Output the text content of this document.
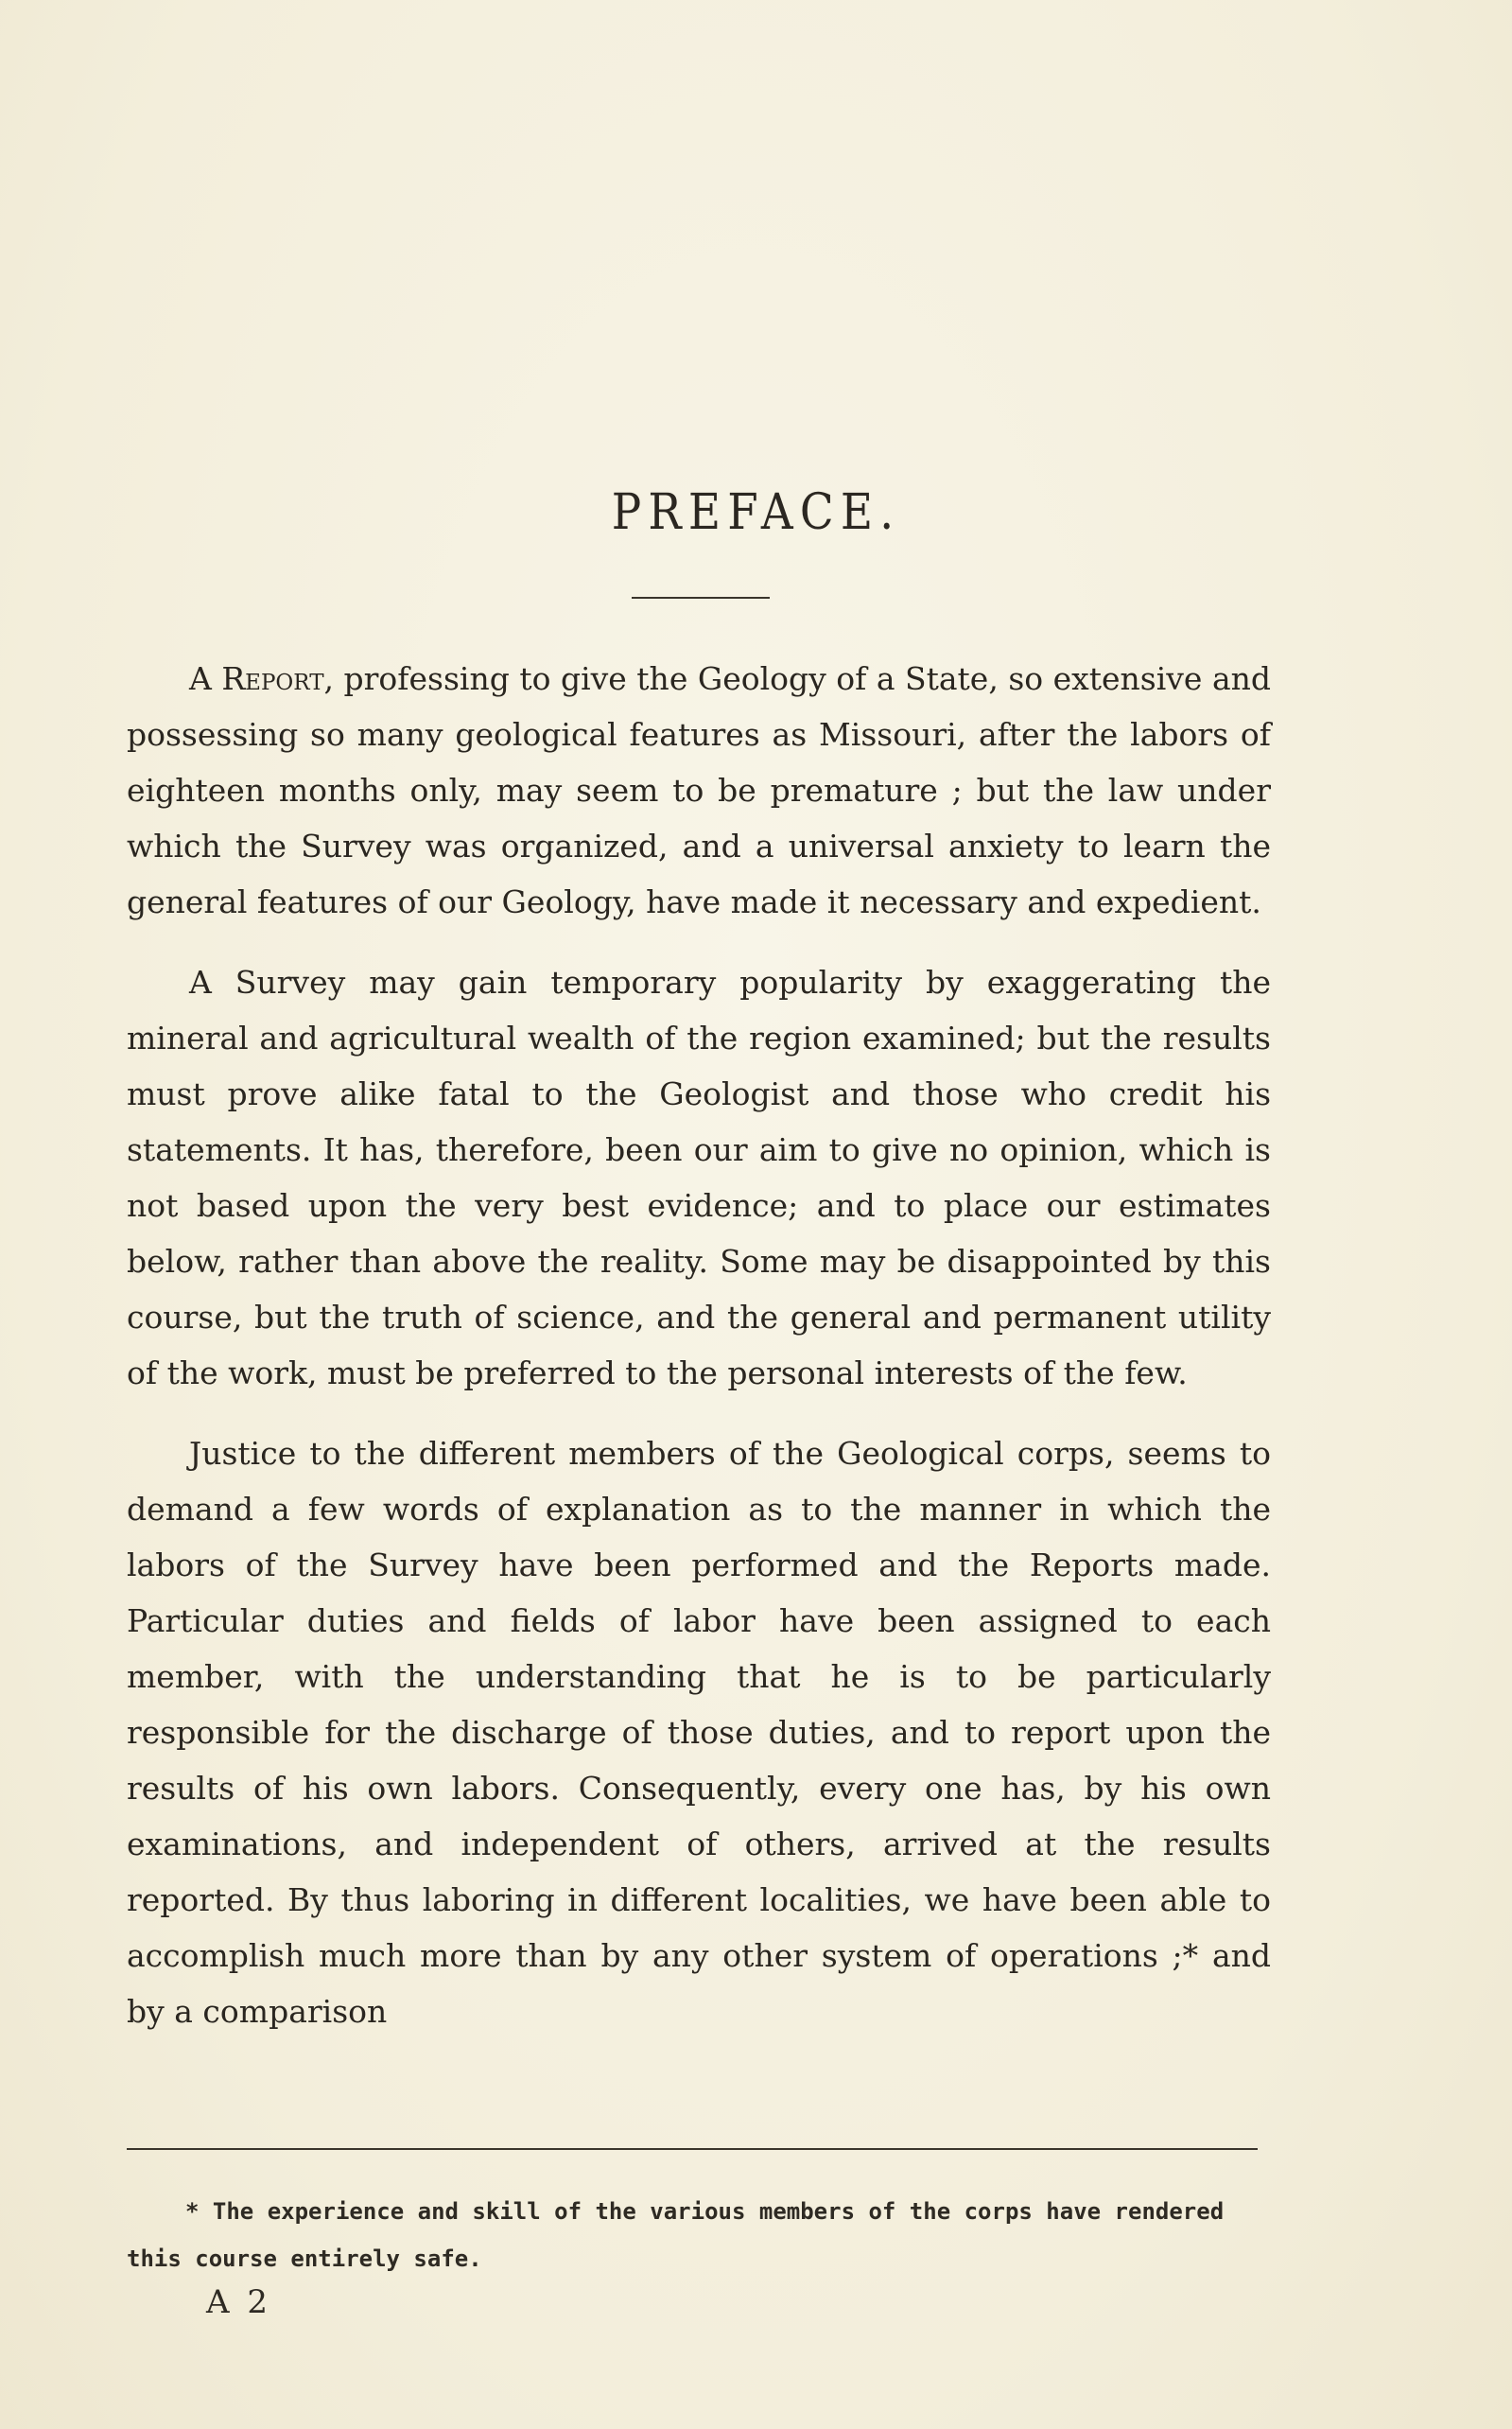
PREFACE.

A Report, professing to give the Geology of a State, so extensive and possessing so many geological features as Missouri, after the labors of eighteen months only, may seem to be premature ; but the law under which the Survey was organized, and a universal anxiety to learn the general features of our Geology, have made it necessary and expedient.

A Survey may gain temporary popularity by exaggerating the mineral and agricultural wealth of the region examined; but the results must prove alike fatal to the Geologist and those who credit his statements. It has, therefore, been our aim to give no opinion, which is not based upon the very best evidence; and to place our estimates below, rather than above the reality. Some may be disappointed by this course, but the truth of science, and the general and permanent utility of the work, must be preferred to the personal interests of the few.

Justice to the different members of the Geological corps, seems to demand a few words of explanation as to the manner in which the labors of the Survey have been performed and the Reports made. Particular duties and fields of labor have been assigned to each member, with the understanding that he is to be particularly responsible for the discharge of those duties, and to report upon the results of his own labors. Consequently, every one has, by his own examinations, and independent of others, arrived at the results reported. By thus laboring in different localities, we have been able to accomplish much more than by any other system of operations ;* and by a comparison

* The experience and skill of the various members of the corps have rendered this course entirely safe.

A 2
